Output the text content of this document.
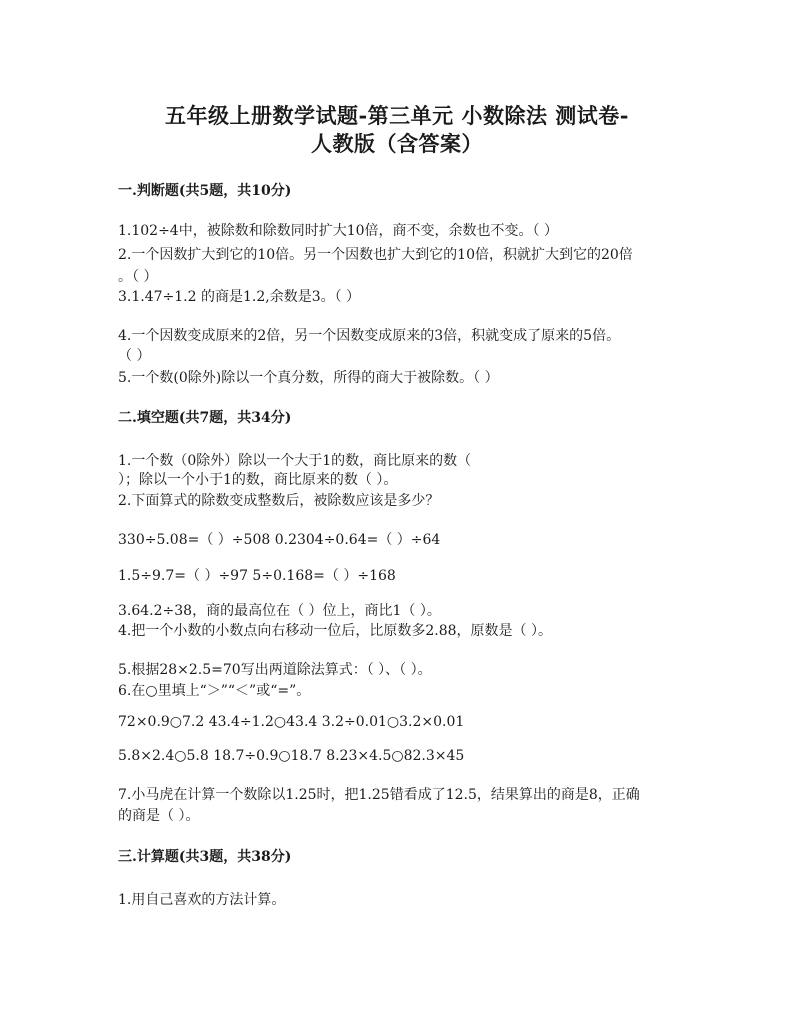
五年级上册数学试题-第三单元 小数除法 测试卷-
人教版（含答案）
一.判断题(共5题，共10分)
1.102÷4中，被除数和除数同时扩大10倍，商不变，余数也不变。（ ）
2.一个因数扩大到它的10倍。另一个因数也扩大到它的10倍，积就扩大到它的20倍
。（ ）
3.1.47÷1.2 的商是1.2,余数是3。（ ）
4.一个因数变成原来的2倍，另一个因数变成原来的3倍，积就变成了原来的5倍。
（ ）
5.一个数(0除外)除以一个真分数，所得的商大于被除数。（ ）
二.填空题(共7题，共34分)
1.一个数（0除外）除以一个大于1的数，商比原来的数（
）；除以一个小于1的数，商比原来的数（ ）。
2.下面算式的除数变成整数后，被除数应该是多少？
330÷5.08=（ ）÷508 0.2304÷0.64=（ ）÷64
1.5÷9.7=（ ）÷97 5÷0.168=（ ）÷168
3.64.2÷38，商的最高位在（ ）位上，商比1（ ）。
4.把一个小数的小数点向右移动一位后，比原数多2.88，原数是（ ）。
5.根据28×2.5=70写出两道除法算式：（ ）、（ ）。
6.在○里填上“＞”“＜”或“=”。
72×0.9○7.2 43.4÷1.2○43.4 3.2÷0.01○3.2×0.01
5.8×2.4○5.8 18.7÷0.9○18.7 8.23×4.5○82.3×45
7.小马虎在计算一个数除以1.25时，把1.25错看成了12.5，结果算出的商是8，正确
的商是（ ）。
三.计算题(共3题，共38分)
1.用自己喜欢的方法计算。
